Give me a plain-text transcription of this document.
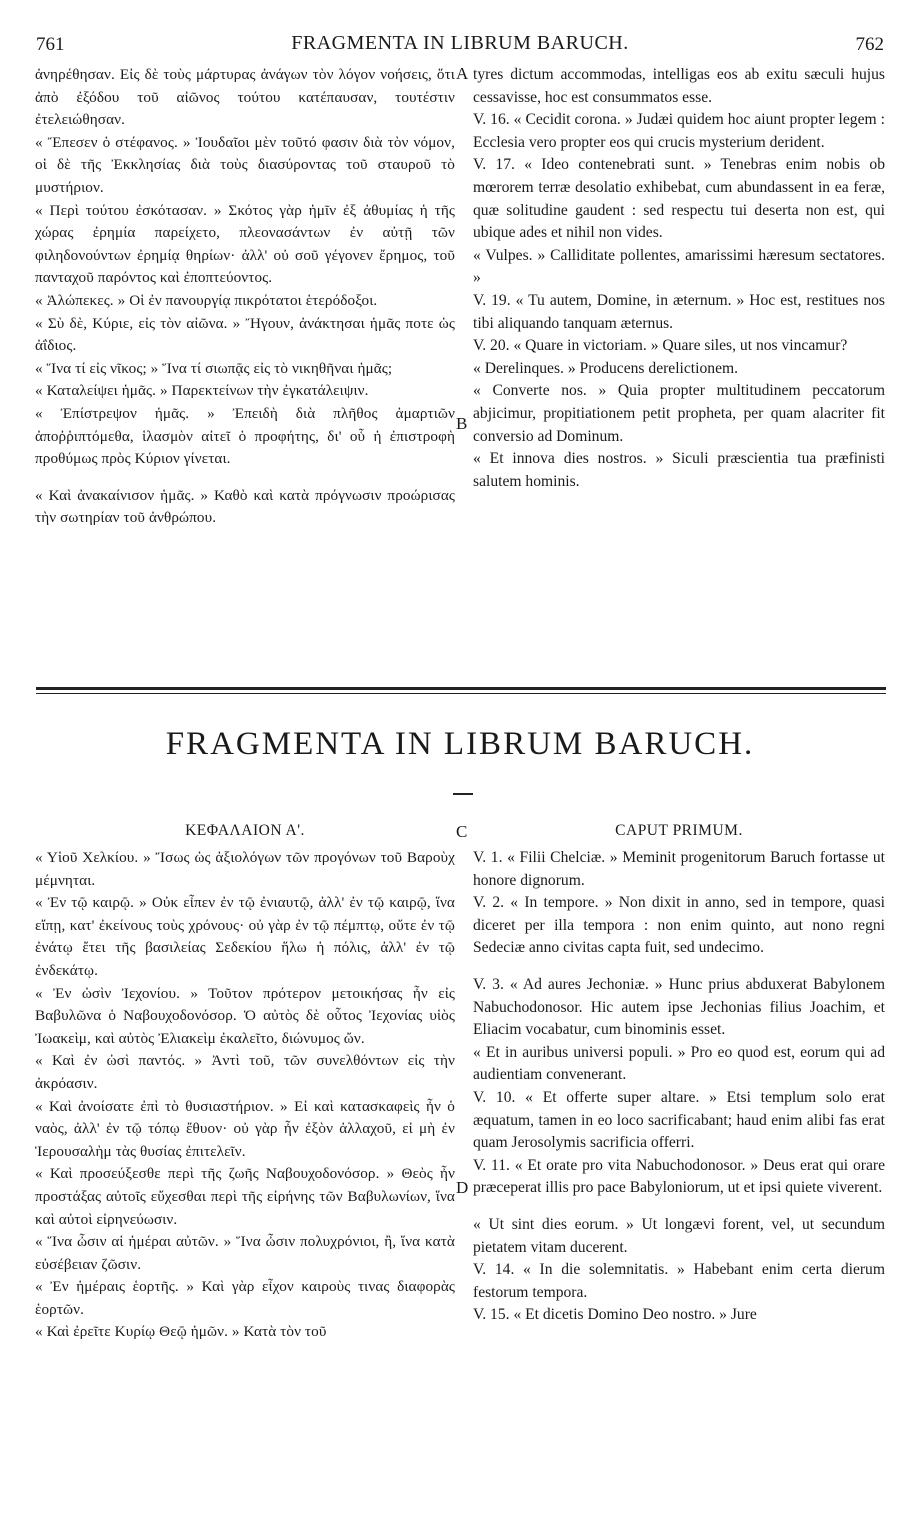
761	FRAGMENTA IN LIBRUM BARUCH.	762

ἀνηρέθησαν. Εἰς δὲ τοὺς μάρτυρας ἀνάγων τὸν λόγον νοήσεις, ὅτι ἀπὸ ἐξόδου τοῦ αἰῶνος τούτου κατέπαυσαν, τουτέστιν ἐτελειώθησαν.

« Ἔπεσεν ὁ στέφανος. » Ἰουδαῖοι μὲν τοῦτό φασιν διὰ τὸν νόμον, οἱ δὲ τῆς Ἐκκλησίας διὰ τοὺς διασύροντας τοῦ σταυροῦ τὸ μυστήριον.

« Περὶ τούτου ἐσκότασαν. » Σκότος γὰρ ἡμῖν ἐξ ἀθυμίας ἡ τῆς χώρας ἐρημία παρείχετο, πλεονασάντων ἐν αὐτῇ τῶν φιληδονούντων ἐρημίᾳ θηρίων· ἀλλ' οὐ σοῦ γέγονεν ἔρημος, τοῦ πανταχοῦ παρόντος καὶ ἐποπτεύοντος.

« Ἀλώπεκες. » Οἱ ἐν πανουργίᾳ πικρότατοι ἑτερόδοξοι.

« Σὺ δὲ, Κύριε, εἰς τὸν αἰῶνα. » Ἤγουν, ἀνάκτησαι ἡμᾶς ποτε ὡς ἀΐδιος.

« Ἵνα τί εἰς νῖκος; » Ἵνα τί σιωπᾷς εἰς τὸ νικηθῆναι ἡμᾶς;

« Καταλείψει ἡμᾶς. » Παρεκτείνων τὴν ἐγκατάλειψιν.

« Ἐπίστρεψον ἡμᾶς. » Ἐπειδὴ διὰ πλῆθος ἁμαρτιῶν ἀποῤῥιπτόμεθα, ἱλασμὸν αἰτεῖ ὁ προφήτης, δι' οὗ ἡ ἐπιστροφὴ προθύμως πρὸς Κύριον γίνεται.

« Καὶ ἀνακαίνισον ἡμᾶς. » Καθὸ καὶ κατὰ πρόγνωσιν προώρισας τὴν σωτηρίαν τοῦ ἀνθρώπου.

tyres dictum accommodas, intelligas eos ab exitu sæculi hujus cessavisse, hoc est consummatos esse.

V. 16. « Cecidit corona. » Judæi quidem hoc aiunt propter legem : Ecclesia vero propter eos qui crucis mysterium derident.

V. 17. « Ideo contenebrati sunt. » Tenebras enim nobis ob mœrorem terræ desolatio exhibebat, cum abundassent in ea feræ, quæ solitudine gaudent : sed respectu tui deserta non est, qui ubique ades et nihil non vides.

« Vulpes. » Calliditate pollentes, amarissimi hæresum sectatores. »

V. 19. « Tu autem, Domine, in æternum. » Hoc est, restitues nos tibi aliquando tanquam æternus.

V. 20. « Quare in victoriam. » Quare siles, ut nos vincamur?

« Derelinques. » Producens derelictionem.

« Converte nos. » Quia propter multitudinem peccatorum abjicimur, propitiationem petit propheta, per quam alacriter fit conversio ad Dominum.

« Et innova dies nostros. » Siculi præscientia tua præfinisti salutem hominis.

A
B
FRAGMENTA IN LIBRUM BARUCH.
ΚΕΦΑΛΑΙΟΝ Α'.	C	CAPUT PRIMUM.

« Υἱοῦ Χελκίου. » Ἴσως ὡς ἀξιολόγων τῶν προγόνων τοῦ Βαροὺχ μέμνηται.

« Ἐν τῷ καιρῷ. » Οὐκ εἶπεν ἐν τῷ ἐνιαυτῷ, ἀλλ' ἐν τῷ καιρῷ, ἵνα εἴπῃ, κατ' ἐκείνους τοὺς χρόνους· οὐ γὰρ ἐν τῷ πέμπτῳ, οὔτε ἐν τῷ ἐνάτῳ ἔτει τῆς βασιλείας Σεδεκίου ἥλω ἡ πόλις, ἀλλ' ἐν τῷ ἐνδεκάτῳ.

« Ἐν ὠσὶν Ἰεχονίου. » Τοῦτον πρότερον μετοικήσας ἦν εἰς Βαβυλῶνα ὁ Ναβουχοδονόσορ. Ὁ αὐτὸς δὲ οὗτος Ἰεχονίας υἱὸς Ἰωακεὶμ, καὶ αὐτὸς Ἐλιακεὶμ ἐκαλεῖτο, διώνυμος ὤν.

« Καὶ ἐν ὠσὶ παντός. » Ἀντὶ τοῦ, τῶν συνελθόντων εἰς τὴν ἀκρόασιν.

« Καὶ ἀνοίσατε ἐπὶ τὸ θυσιαστήριον. » Εἰ καὶ κατασκαφεὶς ἦν ὁ ναὸς, ἀλλ' ἐν τῷ τόπῳ ἔθυον· οὐ γὰρ ἦν ἐξὸν ἀλλαχοῦ, εἰ μὴ ἐν Ἱερουσαλὴμ τὰς θυσίας ἐπιτελεῖν.

« Καὶ προσεύξεσθε περὶ τῆς ζωῆς Ναβουχοδονόσορ. » Θεὸς ἦν προστάξας αὐτοῖς εὔχεσθαι περὶ τῆς εἰρήνης τῶν Βαβυλωνίων, ἵνα καὶ αὐτοὶ εἰρηνεύωσιν.

« Ἵνα ὦσιν αἱ ἡμέραι αὐτῶν. » Ἵνα ὦσιν πολυχρόνιοι, ἢ, ἵνα κατὰ εὐσέβειαν ζῶσιν.

« Ἐν ἡμέραις ἑορτῆς. » Καὶ γὰρ εἶχον καιροὺς τινας διαφορὰς ἑορτῶν.

« Καὶ ἐρεῖτε Κυρίῳ Θεῷ ἡμῶν. » Κατὰ τὸν τοῦ

V. 1. « Filii Chelciæ. » Meminit progenitorum Baruch fortasse ut honore dignorum.

V. 2. « In tempore. » Non dixit in anno, sed in tempore, quasi diceret per illa tempora : non enim quinto, aut nono regni Sedeciæ anno civitas capta fuit, sed undecimo.

V. 3. « Ad aures Jechoniæ. » Hunc prius abduxerat Babylonem Nabuchodonosor. Hic autem ipse Jechonias filius Joachim, et Eliacim vocabatur, cum binominis esset.

« Et in auribus universi populi. » Pro eo quod est, eorum qui ad audientiam convenerant.

V. 10. « Et offerte super altare. » Etsi templum solo erat æquatum, tamen in eo loco sacrificabant; haud enim alibi fas erat quam Jerosolymis sacrificia offerri.

V. 11. « Et orate pro vita Nabuchodonosor. » Deus erat qui orare præceperat illis pro pace Babyloniorum, ut et ipsi quiete viverent.

« Ut sint dies eorum. » Ut longævi forent, vel, ut secundum pietatem vitam ducerent.

V. 14. « In die solemnitatis. » Habebant enim certa dierum festorum tempora.

V. 15. « Et dicetis Domino Deo nostro. » Jure

D
